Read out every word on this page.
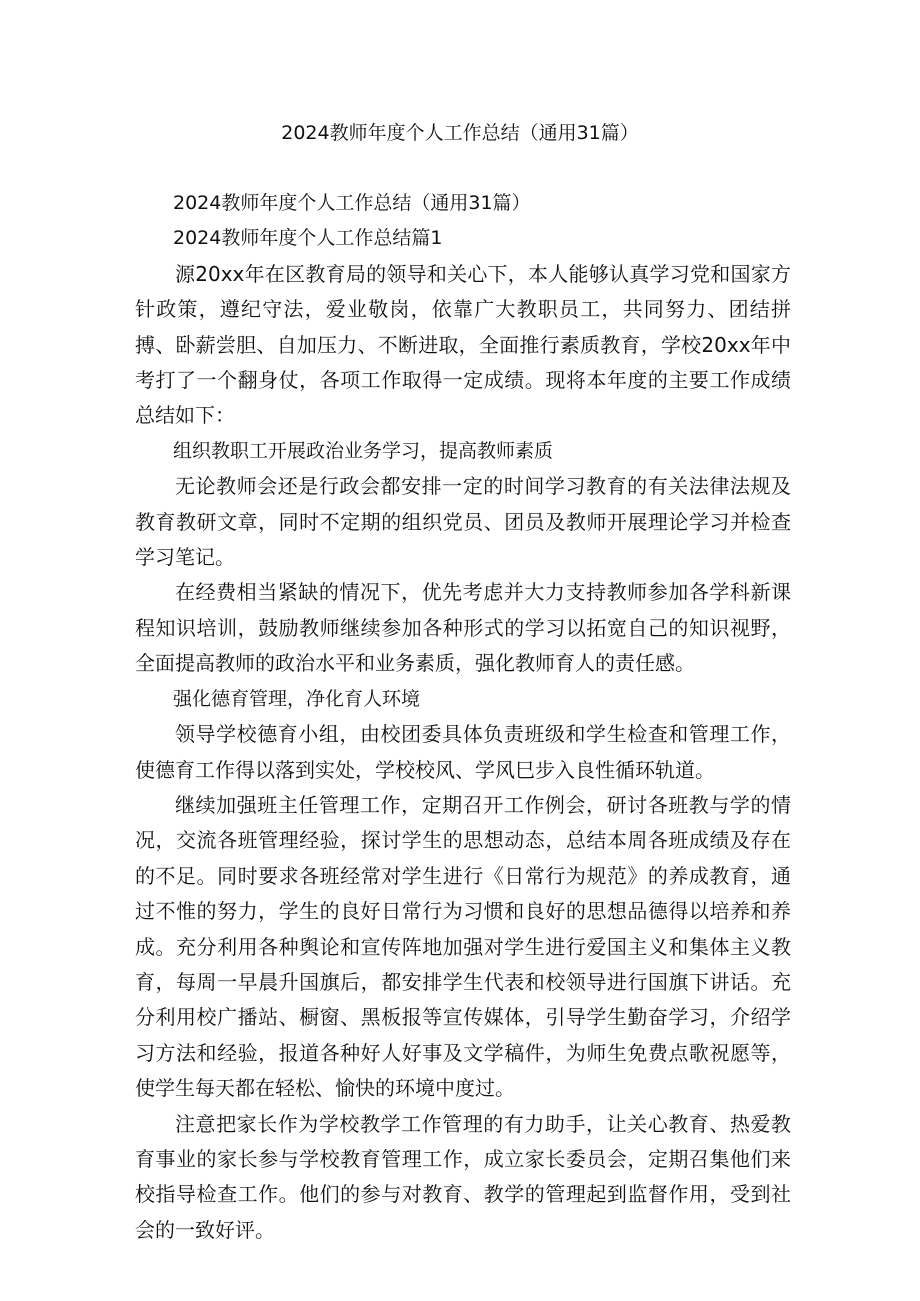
2024教师年度个人工作总结（通用31篇）

2024教师年度个人工作总结（通用31篇）

2024教师年度个人工作总结篇1

源20xx年在区教育局的领导和关心下，本人能够认真学习党和国家方针政策，遵纪守法，爱业敬岗，依靠广大教职员工，共同努力、团结拼搏、卧薪尝胆、自加压力、不断进取，全面推行素质教育，学校20xx年中考打了一个翻身仗，各项工作取得一定成绩。现将本年度的主要工作成绩总结如下：

组织教职工开展政治业务学习，提高教师素质

无论教师会还是行政会都安排一定的时间学习教育的有关法律法规及教育教研文章，同时不定期的组织党员、团员及教师开展理论学习并检查学习笔记。

在经费相当紧缺的情况下，优先考虑并大力支持教师参加各学科新课程知识培训，鼓励教师继续参加各种形式的学习以拓宽自己的知识视野，全面提高教师的政治水平和业务素质，强化教师育人的责任感。

强化德育管理，净化育人环境

领导学校德育小组，由校团委具体负责班级和学生检查和管理工作，使德育工作得以落到实处，学校校风、学风巳步入良性循环轨道。

继续加强班主任管理工作，定期召开工作例会，研讨各班教与学的情况，交流各班管理经验，探讨学生的思想动态，总结本周各班成绩及存在的不足。同时要求各班经常对学生进行《日常行为规范》的养成教育，通过不惟的努力，学生的良好日常行为习惯和良好的思想品德得以培养和养成。充分利用各种舆论和宣传阵地加强对学生进行爱国主义和集体主义教育，每周一早晨升国旗后，都安排学生代表和校领导进行国旗下讲话。充分利用校广播站、橱窗、黑板报等宣传媒体，引导学生勤奋学习，介绍学习方法和经验，报道各种好人好事及文学稿件，为师生免费点歌祝愿等，使学生每天都在轻松、愉快的环境中度过。

注意把家长作为学校教学工作管理的有力助手，让关心教育、热爱教育事业的家长参与学校教育管理工作，成立家长委员会，定期召集他们来校指导检查工作。他们的参与对教育、教学的管理起到监督作用，受到社会的一致好评。
